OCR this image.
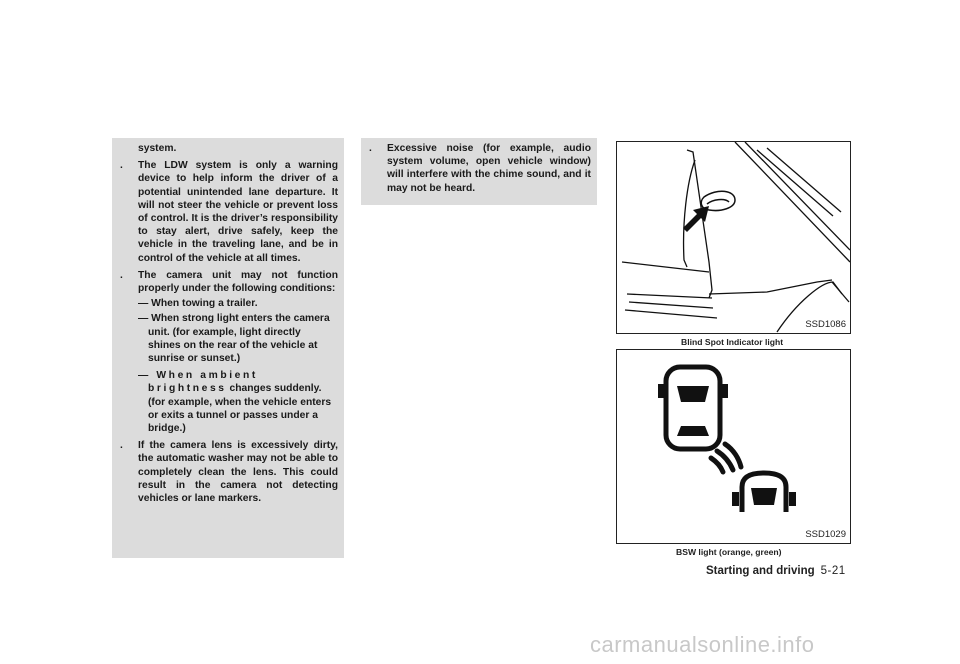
system.
. The LDW system is only a warning device to help inform the driver of a potential unintended lane departure. It will not steer the vehicle or prevent loss of control. It is the driver’s responsibility to stay alert, drive safely, keep the vehicle in the traveling lane, and be in control of the vehicle at all times.
. The camera unit may not function properly under the following conditions:
— When towing a trailer.
— When strong light enters the camera unit. (for example, light directly shines on the rear of the vehicle at sunrise or sunset.)
— When ambient brightness changes suddenly. (for example, when the vehicle enters or exits a tunnel or passes under a bridge.)
. If the camera lens is excessively dirty, the automatic washer may not be able to completely clean the lens. This could result in the camera not detecting vehicles or lane markers.
. Excessive noise (for example, audio system volume, open vehicle window) will interfere with the chime sound, and it may not be heard.
SSD1086
Blind Spot Indicator light
SSD1029
BSW light (orange, green)
Starting and driving 5-21
carmanualsonline.info
